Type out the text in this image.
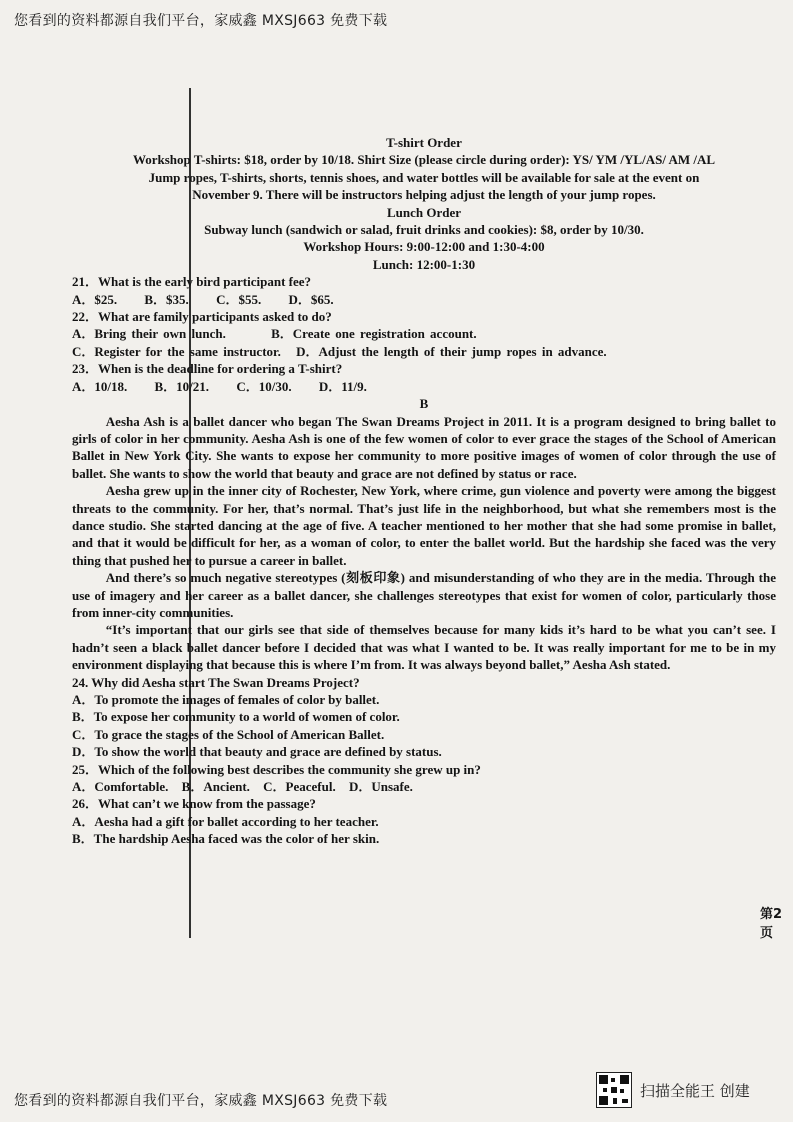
您看到的资料都源自我们平台，家威鑫 MXSJ663 免费下载
T-shirt Order
Workshop T-shirts: $18, order by 10/18. Shirt Size (please circle during order): YS/ YM /YL/AS/ AM /AL
Jump ropes, T-shirts, shorts, tennis shoes, and water bottles will be available for sale at the event on
November 9. There will be instructors helping adjust the length of your jump ropes.
Lunch Order
Subway lunch (sandwich or salad, fruit drinks and cookies): $8, order by 10/30.
Workshop Hours: 9:00-12:00 and 1:30-4:00
Lunch: 12:00-1:30
21．What is the early bird participant fee?
A．$25. B．$35. C．$55. D．$65.
22．What are family participants asked to do?
A．Bring their own lunch.	B．Create one registration account.
C．Register for the same instructor. D．Adjust the length of their jump ropes in advance.
23．When is the deadline for ordering a T-shirt?
A．10/18. B．10/21. C．10/30. D．11/9.
B

Aesha Ash is a ballet dancer who began The Swan Dreams Project in 2011. It is a program designed to bring ballet to girls of color in her community. Aesha Ash is one of the few women of color to ever grace the stages of the School of American Ballet in New York City. She wants to expose her community to more positive images of women of color through the use of ballet. She wants to show the world that beauty and grace are not defined by status or race.

Aesha grew up in the inner city of Rochester, New York, where crime, gun violence and poverty were among the biggest threats to the community. For her, that’s normal. That’s just life in the neighborhood, but what she remembers most is the dance studio. She started dancing at the age of five. A teacher mentioned to her mother that she had some promise in ballet, and that it would be difficult for her, as a woman of color, to enter the ballet world. But the hardship she faced was the very thing that pushed her to pursue a career in ballet.

And there’s so much negative stereotypes (刻板印象) and misunderstanding of who they are in the media. Through the use of imagery and her career as a ballet dancer, she challenges stereotypes that exist for women of color, particularly those from inner-city communities.

“It’s important that our girls see that side of themselves because for many kids it’s hard to be what you can’t see. I hadn’t seen a black ballet dancer before I decided that was what I wanted to be. It was really important for me to be in my environment displaying that because this is where I’m from. It was always beyond ballet,” Aesha Ash stated.

24. Why did Aesha start The Swan Dreams Project?
A．To promote the images of females of color by ballet.
B．To expose her community to a world of women of color.
C．To grace the stages of the School of American Ballet.
D．To show the world that beauty and grace are defined by status.
25．Which of the following best describes the community she grew up in?
A．Comfortable. B．Ancient. C．Peaceful. D．Unsafe.
26．What can’t we know from the passage?
A．Aesha had a gift for ballet according to her teacher.
B．The hardship Aesha faced was the color of her skin.
第2页
您看到的资料都源自我们平台，家威鑫 MXSJ663 免费下载
扫描全能王 创建
